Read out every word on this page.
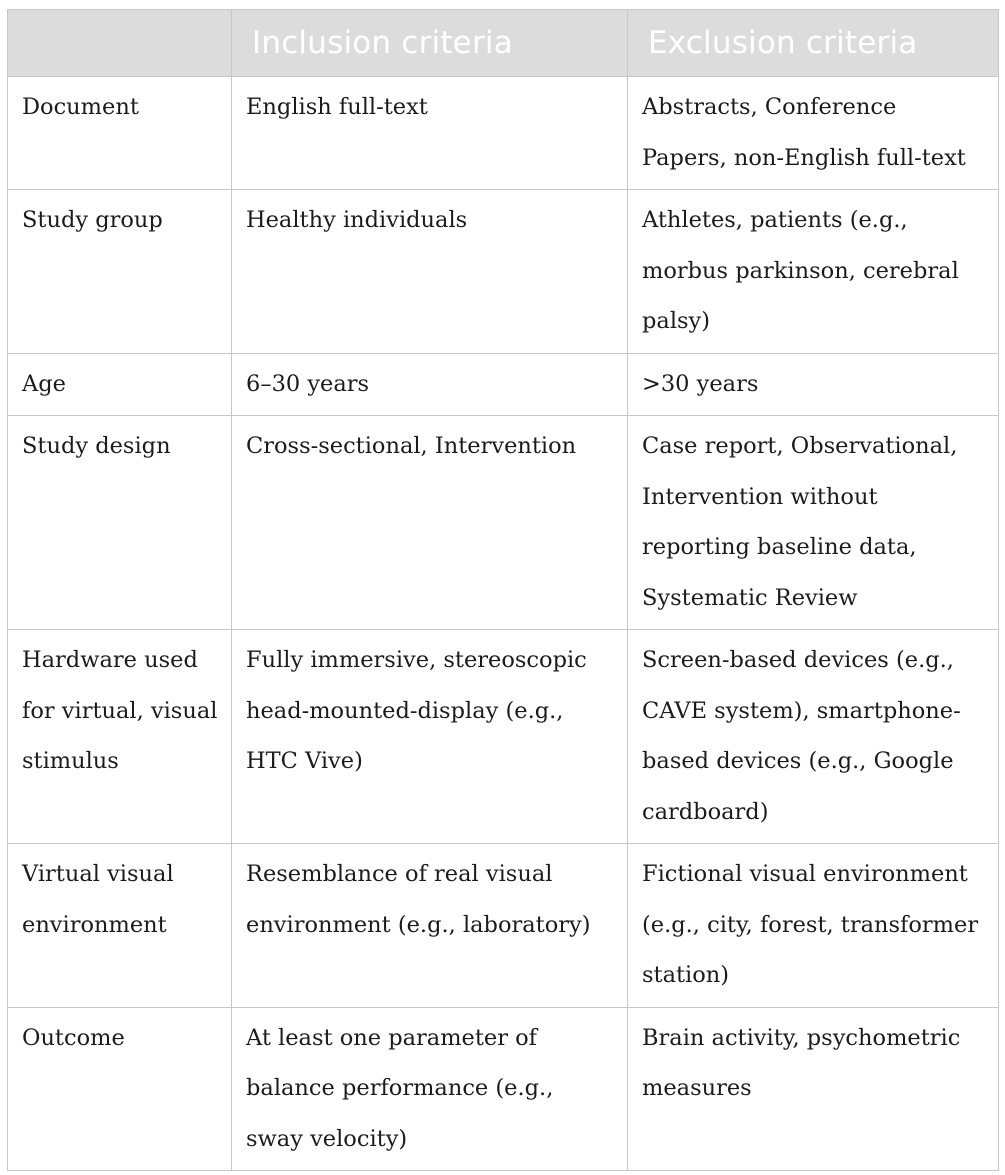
	Inclusion criteria	Exclusion criteria
Document	English full-text	Abstracts, Conference Papers, non-English full-text
Study group	Healthy individuals	Athletes, patients (e.g., morbus parkinson, cerebral palsy)
Age	6–30 years	>30 years
Study design	Cross-sectional, Intervention	Case report, Observational, Intervention without reporting baseline data, Systematic Review
Hardware used for virtual, visual stimulus	Fully immersive, stereoscopic head-mounted-display (e.g., HTC Vive)	Screen-based devices (e.g., CAVE system), smartphone-based devices (e.g., Google cardboard)
Virtual visual environment	Resemblance of real visual environment (e.g., laboratory)	Fictional visual environment (e.g., city, forest, transformer station)
Outcome	At least one parameter of balance performance (e.g., sway velocity)	Brain activity, psychometric measures
